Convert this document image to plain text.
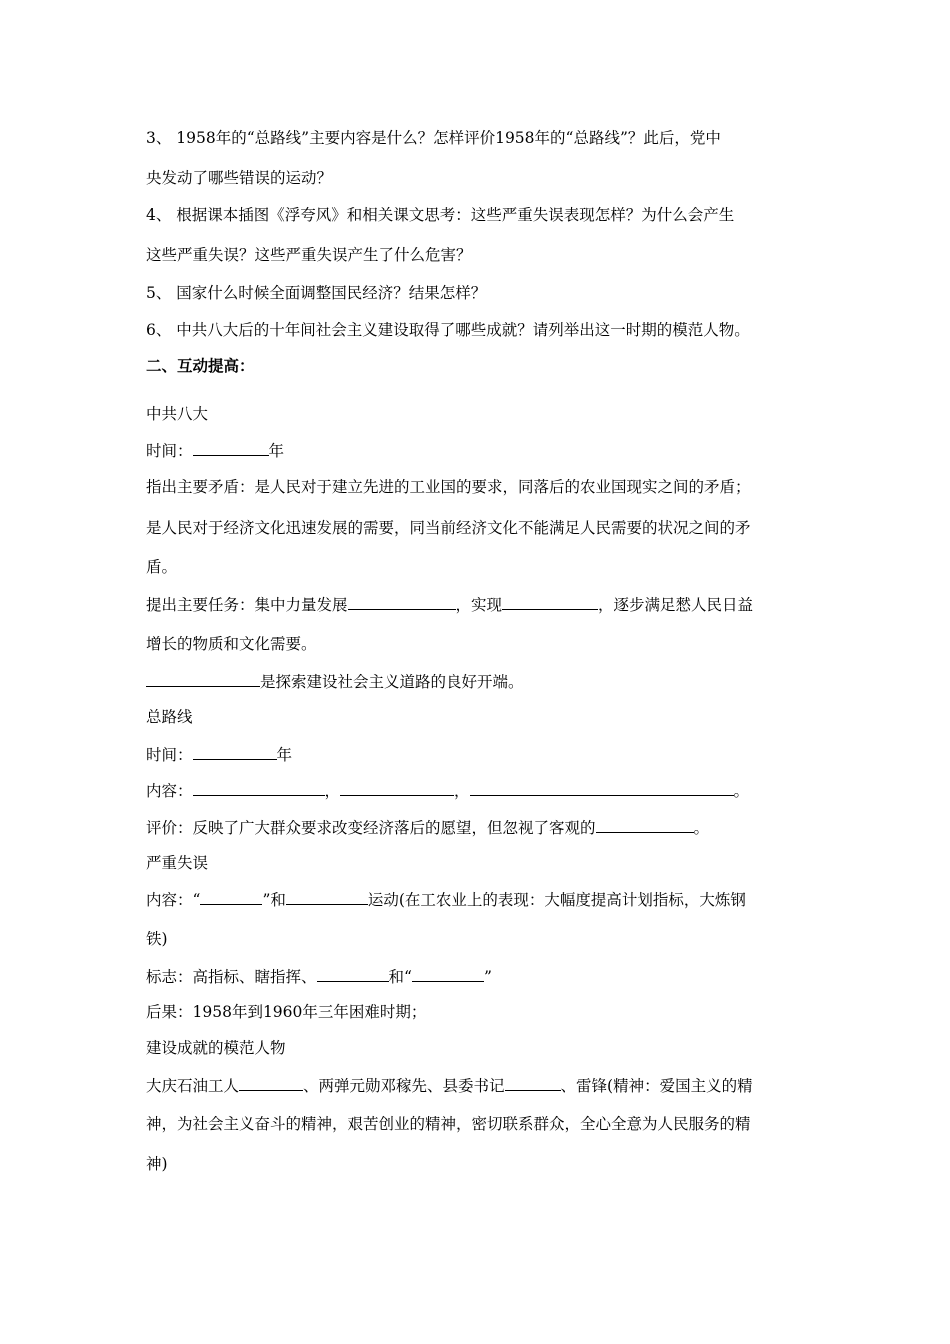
3、 1958年的“总路线”主要内容是什么？怎样评价1958年的“总路线”？此后，党中
央发动了哪些错误的运动？
4、 根据课本插图《浮夸风》和相关课文思考：这些严重失误表现怎样？为什么会产生
这些严重失误？这些严重失误产生了什么危害？
5、 国家什么时候全面调整国民经济？结果怎样？
6、 中共八大后的十年间社会主义建设取得了哪些成就？请列举出这一时期的模范人物。
二、互动提高：
中共八大
时间：	年
指出主要矛盾：是人民对于建立先进的工业国的要求，同落后的农业国现实之间的矛盾；
是人民对于经济文化迅速发展的需要，同当前经济文化不能满足人民需要的状况之间的矛
盾。
提出主要任务：集中力量发展	，实现	，逐步满足憖人民日益
增长的物质和文化需要。
是探索建设社会主义道路的良好开端。
总路线
时间：	年
内容：	，	，	。
评价：反映了广大群众要求改变经济落后的愿望，但忽视了客观的	。
严重失误
内容：“	”和	运动(在工农业上的表现：大幅度提高计划指标，大炼钢
铁)
标志：高指标、瞎指挥、	和“	”
后果：1958年到1960年三年困难时期；
建设成就的模范人物
大庆石油工人	、两弹元勋邓稼先、县委书记	、雷锋(精神：爱国主义的精
神，为社会主义奋斗的精神，艰苦创业的精神，密切联系群众，全心全意为人民服务的精
神)
